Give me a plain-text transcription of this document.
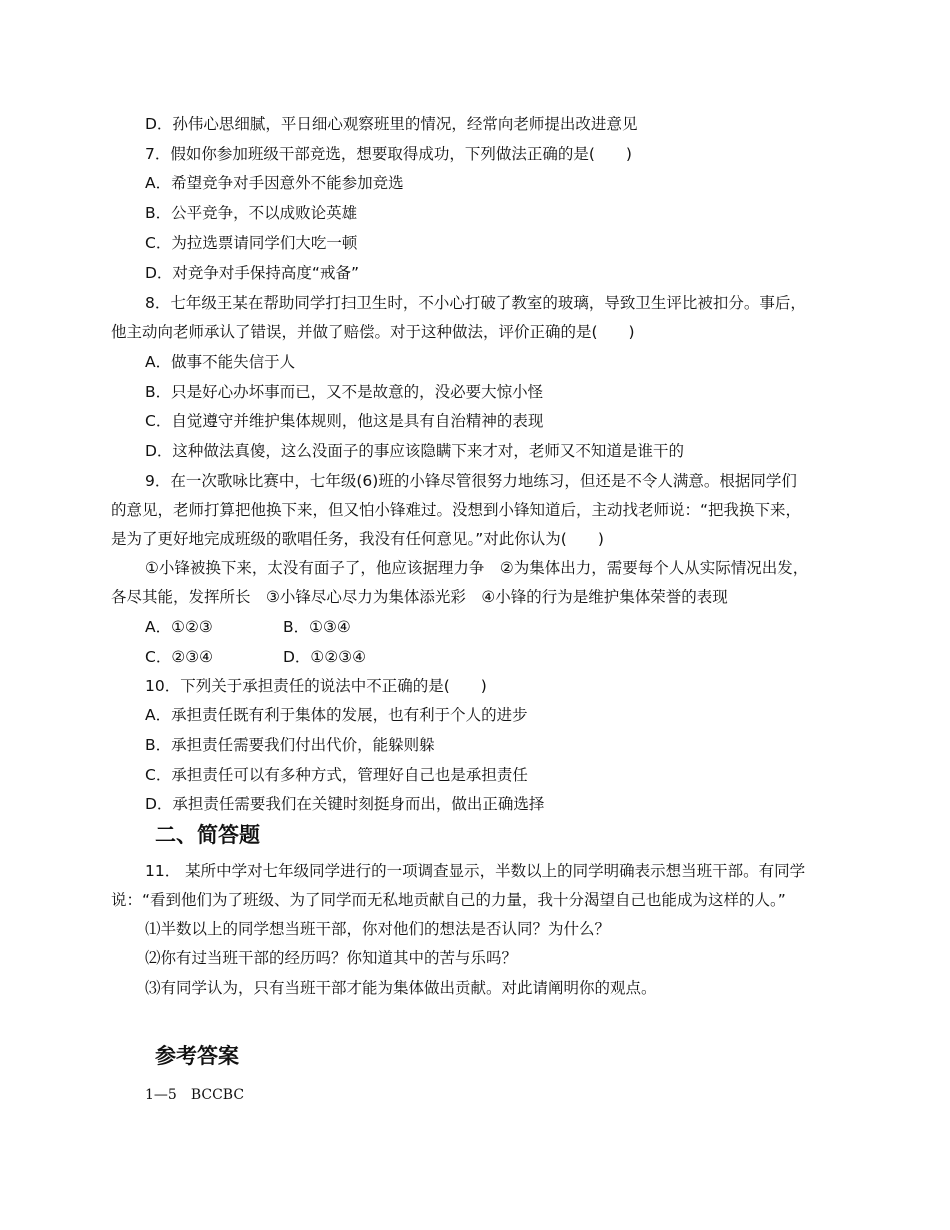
D．孙伟心思细腻，平日细心观察班里的情况，经常向老师提出改进意见
7．假如你参加班级干部竞选，想要取得成功，下列做法正确的是(　　)
A．希望竞争对手因意外不能参加竞选
B．公平竞争，不以成败论英雄
C．为拉选票请同学们大吃一顿
D．对竞争对手保持高度“戒备”
8．七年级王某在帮助同学打扫卫生时，不小心打破了教室的玻璃，导致卫生评比被扣分。事后，
他主动向老师承认了错误，并做了赔偿。对于这种做法，评价正确的是(　　)
A．做事不能失信于人
B．只是好心办坏事而已，又不是故意的，没必要大惊小怪
C．自觉遵守并维护集体规则，他这是具有自治精神的表现
D．这种做法真傻，这么没面子的事应该隐瞒下来才对，老师又不知道是谁干的
9．在一次歌咏比赛中，七年级(6)班的小锋尽管很努力地练习，但还是不令人满意。根据同学们
的意见，老师打算把他换下来，但又怕小锋难过。没想到小锋知道后，主动找老师说：“把我换下来，
是为了更好地完成班级的歌唱任务，我没有任何意见。”对此你认为(　　)
①小锋被换下来，太没有面子了，他应该据理力争　②为集体出力，需要每个人从实际情况出发，
各尽其能，发挥所长　③小锋尽心尽力为集体添光彩　④小锋的行为是维护集体荣誉的表现
A．①②③	B．①③④
C．②③④	D．①②③④
10．下列关于承担责任的说法中不正确的是(　　)
A．承担责任既有利于集体的发展，也有利于个人的进步
B．承担责任需要我们付出代价，能躲则躲
C．承担责任可以有多种方式，管理好自己也是承担责任
D．承担责任需要我们在关键时刻挺身而出，做出正确选择
二、简答题
11． 某所中学对七年级同学进行的一项调查显示，半数以上的同学明确表示想当班干部。有同学
说：“看到他们为了班级、为了同学而无私地贡献自己的力量，我十分渴望自己也能成为这样的人。”
⑴半数以上的同学想当班干部，你对他们的想法是否认同？为什么？
⑵你有过当班干部的经历吗？你知道其中的苦与乐吗？
⑶有同学认为，只有当班干部才能为集体做出贡献。对此请阐明你的观点。
参考答案
1—5　BCCBC
